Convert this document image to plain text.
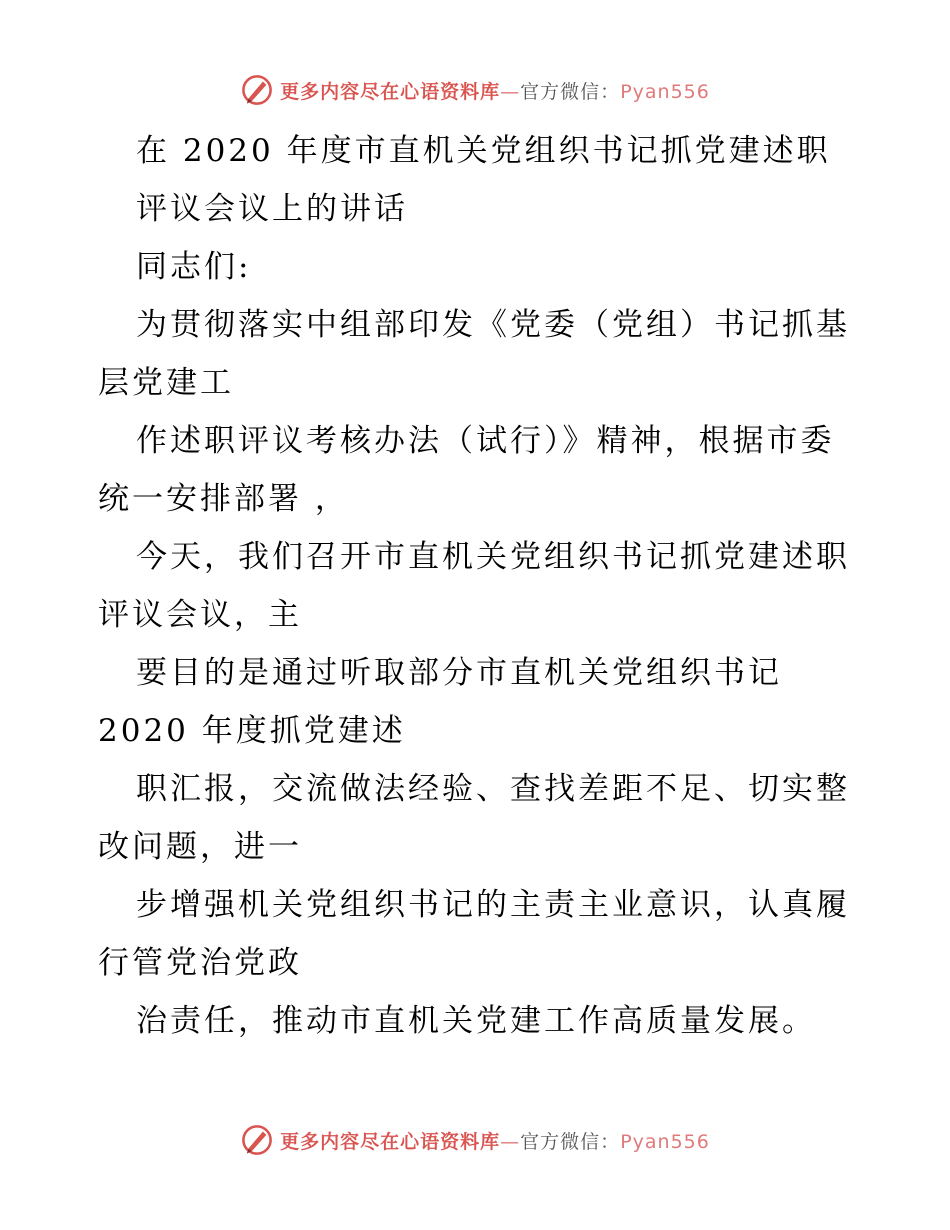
更多内容尽在心语资料库—官方微信：Pyan556
在 2020 年度市直机关党组织书记抓党建述职
评议会议上的讲话
同志们:
为贯彻落实中组部印发《党委（党组）书记抓基
层党建工
作述职评议考核办法（试行）》精神，根据市委
统一安排部署 ，
今天，我们召开市直机关党组织书记抓党建述职
评议会议，主
要目的是通过听取部分市直机关党组织书记
2020 年度抓党建述
职汇报，交流做法经验、查找差距不足、切实整
改问题，进一
步增强机关党组织书记的主责主业意识，认真履
行管党治党政
治责任，推动市直机关党建工作高质量发展。
更多内容尽在心语资料库—官方微信：Pyan556
